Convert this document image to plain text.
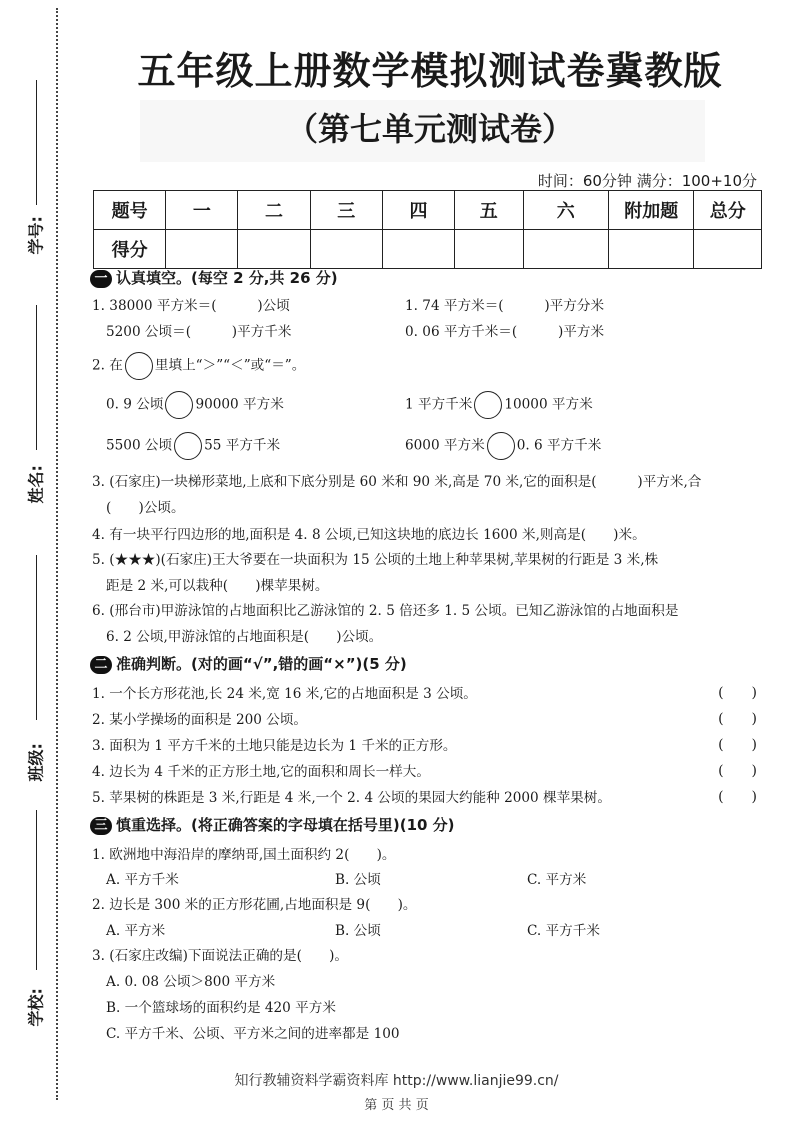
学号:
姓名:
班级:
学校:
五年级上册数学模拟测试卷冀教版
（第七单元测试卷）
时间：60分钟 满分：100+10分
题号	一	二	三	四	五	六	附加题	总分
得分								
一 认真填空。(每空 2 分,共 26 分)
1. 38000 平方米＝(　　　)公顷	1. 74 平方米＝(　　　)平方分米
5200 公顷＝(　　　)平方千米	0. 06 平方千米＝(　　　)平方米
2. 在 里填上“＞”“＜”或“＝”。
0. 9 公顷 90000 平方米	1 平方千米 10000 平方米
5500 公顷 55 平方千米	6000 平方米 0. 6 平方千米
3. (石家庄)一块梯形菜地,上底和下底分别是 60 米和 90 米,高是 70 米,它的面积是(　　　)平方米,合
(　　)公顷。
4. 有一块平行四边形的地,面积是 4. 8 公顷,已知这块地的底边长 1600 米,则高是(　　)米。
5. (★★★)(石家庄)王大爷要在一块面积为 15 公顷的土地上种苹果树,苹果树的行距是 3 米,株
距是 2 米,可以栽种(　　)棵苹果树。
6. (邢台市)甲游泳馆的占地面积比乙游泳馆的 2. 5 倍还多 1. 5 公顷。已知乙游泳馆的占地面积是
6. 2 公顷,甲游泳馆的占地面积是(　　)公顷。
二 准确判断。(对的画“√”,错的画“×”)(5 分)
1. 一个长方形花池,长 24 米,宽 16 米,它的占地面积是 3 公顷。	(　　)
2. 某小学操场的面积是 200 公顷。	(　　)
3. 面积为 1 平方千米的土地只能是边长为 1 千米的正方形。	(　　)
4. 边长为 4 千米的正方形土地,它的面积和周长一样大。	(　　)
5. 苹果树的株距是 3 米,行距是 4 米,一个 2. 4 公顷的果园大约能种 2000 棵苹果树。	(　　)
三 慎重选择。(将正确答案的字母填在括号里)(10 分)
1. 欧洲地中海沿岸的摩纳哥,国土面积约 2(　　)。
A. 平方千米	B. 公顷	C. 平方米
2. 边长是 300 米的正方形花圃,占地面积是 9(　　)。
A. 平方米	B. 公顷	C. 平方千米
3. (石家庄改编)下面说法正确的是(　　)。
A. 0. 08 公顷＞800 平方米
B. 一个篮球场的面积约是 420 平方米
C. 平方千米、公顷、平方米之间的进率都是 100
知行教辅资料学霸资料库 http://www.lianjie99.cn/
第 页 共 页
